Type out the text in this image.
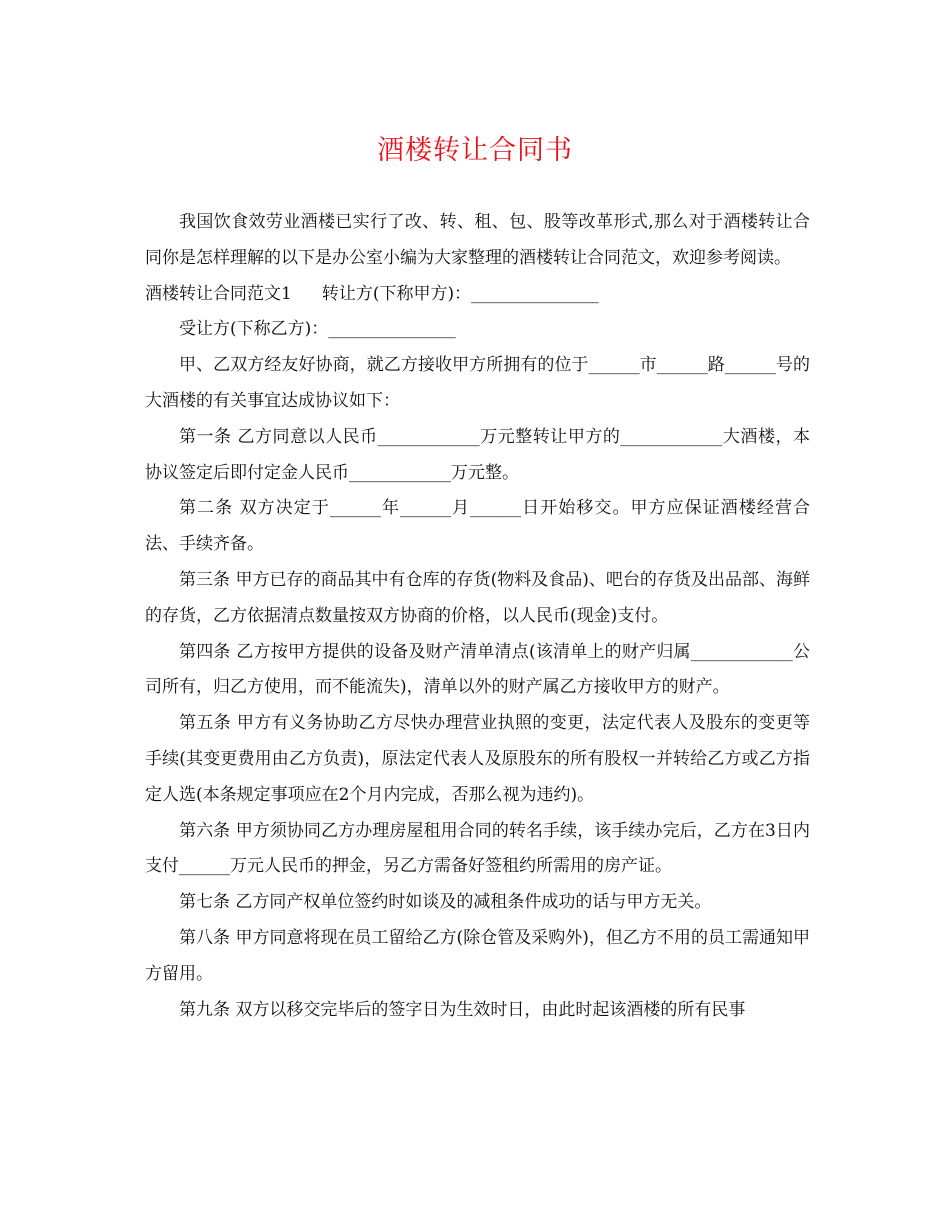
酒楼转让合同书

我国饮食效劳业酒楼已实行了改、转、租、包、股等改革形式,那么对于酒楼转让合同你是怎样理解的以下是办公室小编为大家整理的酒楼转让合同范文，欢迎参考阅读。

酒楼转让合同范文1 转让方(下称甲方)：_______________

受让方(下称乙方)：_______________

甲、乙双方经友好协商，就乙方接收甲方所拥有的位于______市______路______号的大酒楼的有关事宜达成协议如下：

第一条 乙方同意以人民币____________万元整转让甲方的____________大酒楼，本协议签定后即付定金人民币____________万元整。

第二条 双方决定于______年______月______日开始移交。甲方应保证酒楼经营合法、手续齐备。

第三条 甲方已存的商品其中有仓库的存货(物料及食品)、吧台的存货及出品部、海鲜的存货，乙方依据清点数量按双方协商的价格，以人民币(现金)支付。

第四条 乙方按甲方提供的设备及财产清单清点(该清单上的财产归属____________公司所有，归乙方使用，而不能流失)，清单以外的财产属乙方接收甲方的财产。

第五条 甲方有义务协助乙方尽快办理营业执照的变更，法定代表人及股东的变更等手续(其变更费用由乙方负责)，原法定代表人及原股东的所有股权一并转给乙方或乙方指定人选(本条规定事项应在2个月内完成，否那么视为违约)。

第六条 甲方须协同乙方办理房屋租用合同的转名手续，该手续办完后，乙方在3日内支付______万元人民币的押金，另乙方需备好签租约所需用的房产证。

第七条 乙方同产权单位签约时如谈及的减租条件成功的话与甲方无关。

第八条 甲方同意将现在员工留给乙方(除仓管及采购外)，但乙方不用的员工需通知甲方留用。

第九条 双方以移交完毕后的签字日为生效时日，由此时起该酒楼的所有民事
